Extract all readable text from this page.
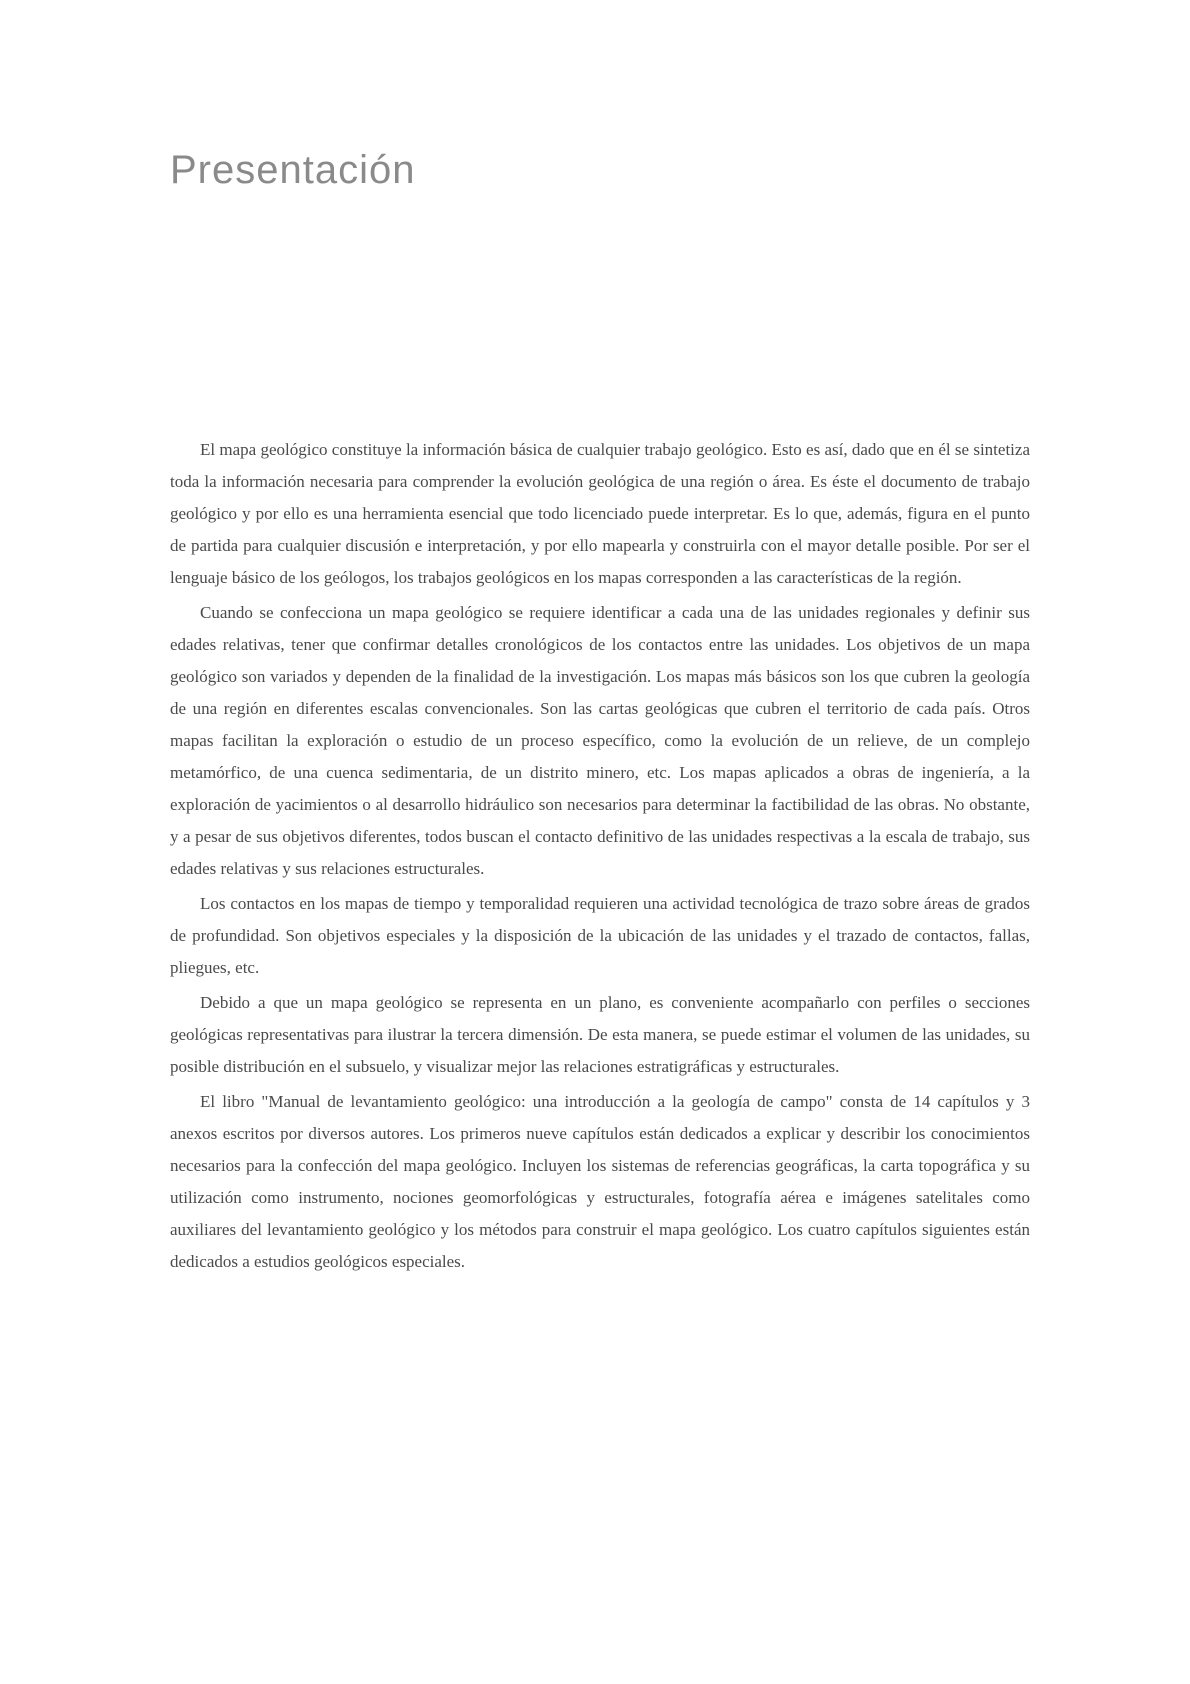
Presentación

El mapa geológico constituye la información básica de cualquier trabajo geológico. Esto es así, dado que en él se sintetiza toda la información necesaria para comprender la evolución geológica de una región o área. Es éste el documento de trabajo geológico y por ello es una herramienta esencial que todo licenciado puede interpretar. Es lo que, además, figura en el punto de partida para cualquier discusión e interpretación, y por ello mapearla y construirla con el mayor detalle posible. Por ser el lenguaje básico de los geólogos, los trabajos geológicos en los mapas corresponden a las características de la región.

Cuando se confecciona un mapa geológico se requiere identificar a cada una de las unidades regionales y definir sus edades relativas, tener que confirmar detalles cronológicos de los contactos entre las unidades. Los objetivos de un mapa geológico son variados y dependen de la finalidad de la investigación. Los mapas más básicos son los que cubren la geología de una región en diferentes escalas convencionales. Son las cartas geológicas que cubren el territorio de cada país. Otros mapas facilitan la exploración o estudio de un proceso específico, como la evolución de un relieve, de un complejo metamórfico, de una cuenca sedimentaria, de un distrito minero, etc. Los mapas aplicados a obras de ingeniería, a la exploración de yacimientos o al desarrollo hidráulico son necesarios para determinar la factibilidad de las obras. No obstante, y a pesar de sus objetivos diferentes, todos buscan el contacto definitivo de las unidades respectivas a la escala de trabajo, sus edades relativas y sus relaciones estructurales.

Los contactos en los mapas de tiempo y temporalidad requieren una actividad tecnológica de trazo sobre áreas de grados de profundidad. Son objetivos especiales y la disposición de la ubicación de las unidades y el trazado de contactos, fallas, pliegues, etc.

Debido a que un mapa geológico se representa en un plano, es conveniente acompañarlo con perfiles o secciones geológicas representativas para ilustrar la tercera dimensión. De esta manera, se puede estimar el volumen de las unidades, su posible distribución en el subsuelo, y visualizar mejor las relaciones estratigráficas y estructurales.

El libro "Manual de levantamiento geológico: una introducción a la geología de campo" consta de 14 capítulos y 3 anexos escritos por diversos autores. Los primeros nueve capítulos están dedicados a explicar y describir los conocimientos necesarios para la confección del mapa geológico. Incluyen los sistemas de referencias geográficas, la carta topográfica y su utilización como instrumento, nociones geomorfológicas y estructurales, fotografía aérea e imágenes satelitales como auxiliares del levantamiento geológico y los métodos para construir el mapa geológico. Los cuatro capítulos siguientes están dedicados a estudios geológicos especiales.
